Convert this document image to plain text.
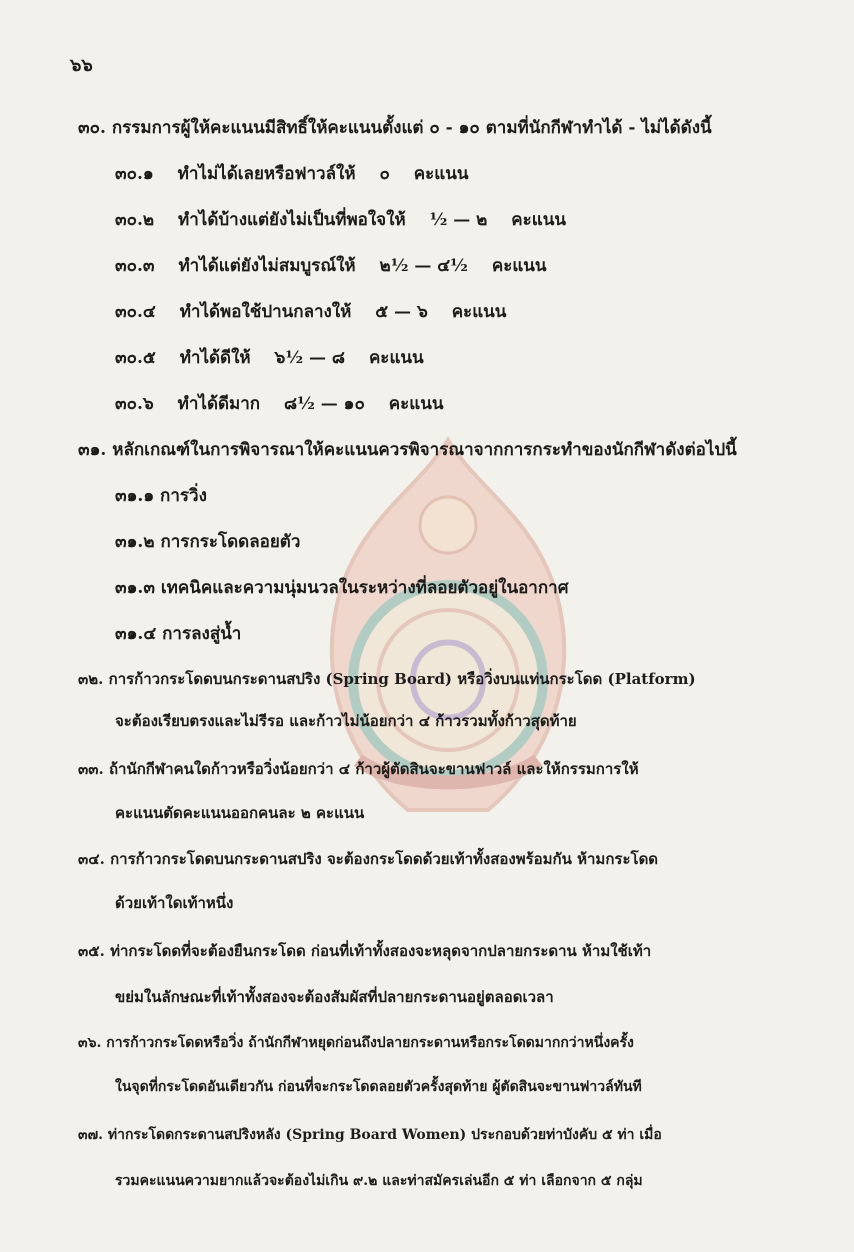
๖๖
๓๐. กรรมการผู้ให้คะแนนมีสิทธิ์ให้คะแนนตั้งแต่ ๐ - ๑๐ ตามที่นักกีฬาทำได้ - ไม่ได้ดังนี้
๓๐.๑ ทำไม่ได้เลยหรือฟาวล์ให้ ๐ คะแนน
๓๐.๒ ทำได้บ้างแต่ยังไม่เป็นที่พอใจให้ ½ — ๒ คะแนน
๓๐.๓ ทำได้แต่ยังไม่สมบูรณ์ให้ ๒½ — ๔½ คะแนน
๓๐.๔ ทำได้พอใช้ปานกลางให้ ๕ — ๖ คะแนน
๓๐.๕ ทำได้ดีให้ ๖½ — ๘ คะแนน
๓๐.๖ ทำได้ดีมาก ๘½ — ๑๐ คะแนน
๓๑. หลักเกณฑ์ในการพิจารณาให้คะแนนควรพิจารณาจากการกระทำของนักกีฬาดังต่อไปนี้
๓๑.๑ การวิ่ง
๓๑.๒ การกระโดดลอยตัว
๓๑.๓ เทคนิคและความนุ่มนวลในระหว่างที่ลอยตัวอยู่ในอากาศ
๓๑.๔ การลงสู่น้ำ
๓๒. การก้าวกระโดดบนกระดานสปริง (Spring Board) หรือวิ่งบนแท่นกระโดด (Platform)
จะต้องเรียบตรงและไม่รีรอ และก้าวไม่น้อยกว่า ๔ ก้าวรวมทั้งก้าวสุดท้าย
๓๓. ถ้านักกีฬาคนใดก้าวหรือวิ่งน้อยกว่า ๔ ก้าวผู้ตัดสินจะขานฟาวล์ และให้กรรมการให้
คะแนนตัดคะแนนออกคนละ ๒ คะแนน
๓๔. การก้าวกระโดดบนกระดานสปริง จะต้องกระโดดด้วยเท้าทั้งสองพร้อมกัน ห้ามกระโดด
ด้วยเท้าใดเท้าหนึ่ง
๓๕. ท่ากระโดดที่จะต้องยืนกระโดด ก่อนที่เท้าทั้งสองจะหลุดจากปลายกระดาน ห้ามใช้เท้า
ขย่มในลักษณะที่เท้าทั้งสองจะต้องสัมผัสที่ปลายกระดานอยู่ตลอดเวลา
๓๖. การก้าวกระโดดหรือวิ่ง ถ้านักกีฬาหยุดก่อนถึงปลายกระดานหรือกระโดดมากกว่าหนึ่งครั้ง
ในจุดที่กระโดดอันเดียวกัน ก่อนที่จะกระโดดลอยตัวครั้งสุดท้าย ผู้ตัดสินจะขานฟาวล์ทันที
๓๗. ท่ากระโดดกระดานสปริงหลัง (Spring Board Women) ประกอบด้วยท่าบังคับ ๕ ท่า เมื่อ
รวมคะแนนความยากแล้วจะต้องไม่เกิน ๙.๒ และท่าสมัครเล่นอีก ๕ ท่า เลือกจาก ๕ กลุ่ม
